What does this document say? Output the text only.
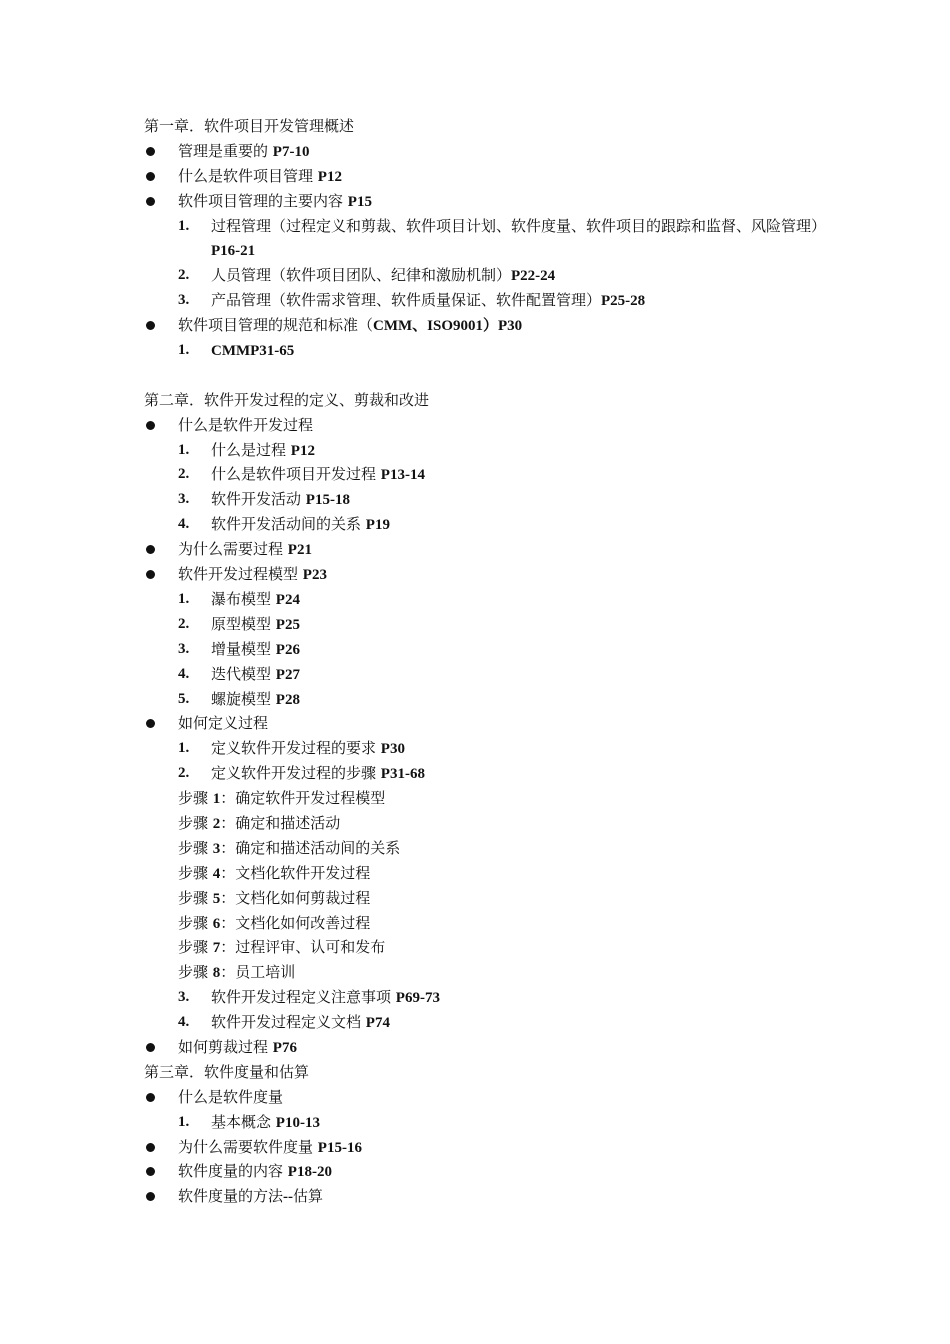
第一章．软件项目开发管理概述
管理是重要的 P7-10
什么是软件项目管理 P12
软件项目管理的主要内容 P15
1. 过程管理（过程定义和剪裁、软件项目计划、软件度量、软件项目的跟踪和监督、风险管理）P16-21
2. 人员管理（软件项目团队、纪律和激励机制）P22-24
3. 产品管理（软件需求管理、软件质量保证、软件配置管理）P25-28
软件项目管理的规范和标准（CMM、ISO9001）P30
1. CMMP31-65
第二章．软件开发过程的定义、剪裁和改进
什么是软件开发过程
1. 什么是过程 P12
2. 什么是软件项目开发过程 P13-14
3. 软件开发活动 P15-18
4. 软件开发活动间的关系 P19
为什么需要过程 P21
软件开发过程模型 P23
1. 瀑布模型 P24
2. 原型模型 P25
3. 增量模型 P26
4. 迭代模型 P27
5. 螺旋模型 P28
如何定义过程
1. 定义软件开发过程的要求 P30
2. 定义软件开发过程的步骤 P31-68
步骤 1：确定软件开发过程模型
步骤 2：确定和描述活动
步骤 3：确定和描述活动间的关系
步骤 4：文档化软件开发过程
步骤 5：文档化如何剪裁过程
步骤 6：文档化如何改善过程
步骤 7：过程评审、认可和发布
步骤 8：员工培训
3. 软件开发过程定义注意事项 P69-73
4. 软件开发过程定义文档 P74
如何剪裁过程 P76
第三章．软件度量和估算
什么是软件度量
1. 基本概念 P10-13
为什么需要软件度量 P15-16
软件度量的内容 P18-20
软件度量的方法--估算
